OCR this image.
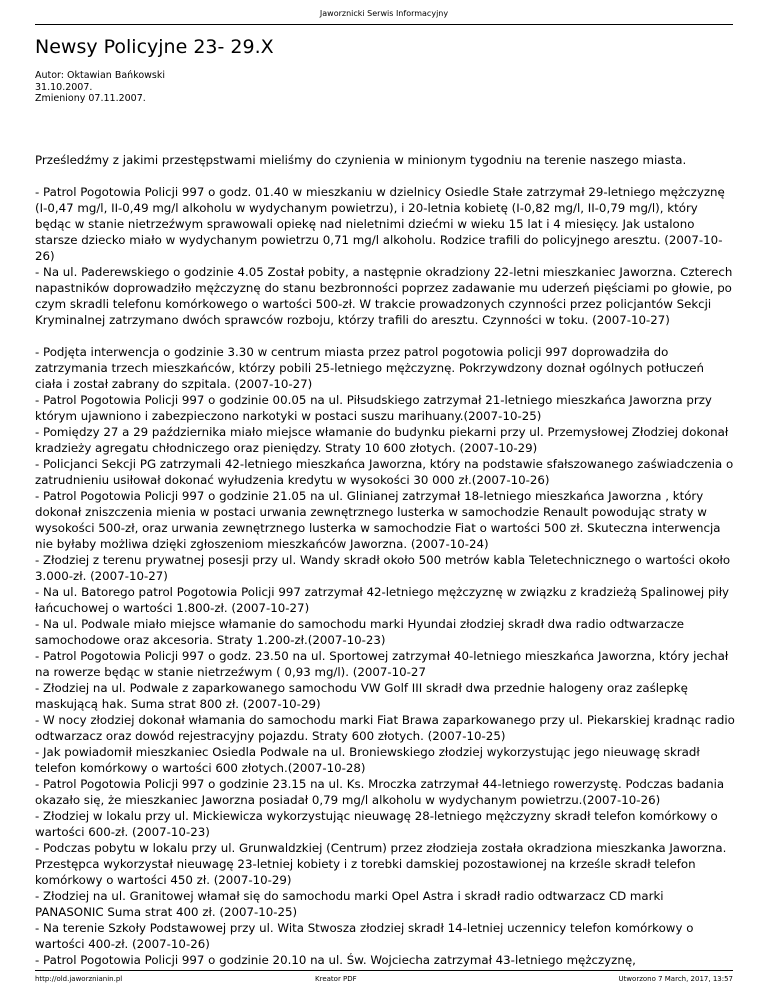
Jaworznicki Serwis Informacyjny
Newsy Policyjne 23- 29.X
Autor: Oktawian Bańkowski
31.10.2007.
Zmieniony 07.11.2007.

Prześledźmy z jakimi przestępstwami mieliśmy do czynienia w minionym tygodniu na terenie naszego miasta.

- Patrol Pogotowia Policji 997 o godz. 01.40 w mieszkaniu w dzielnicy Osiedle Stałe zatrzymał 29-letniego mężczyznę (I-0,47 mg/l, II-0,49 mg/l alkoholu w wydychanym powietrzu), i 20-letnia kobietę (I-0,82 mg/l, II-0,79 mg/l), który będąc w stanie nietrzeźwym sprawowali opiekę nad nieletnimi dziećmi w wieku 15 lat i 4 miesięcy. Jak ustalono starsze dziecko miało w wydychanym powietrzu 0,71 mg/l alkoholu. Rodzice trafili do policyjnego aresztu. (2007-10-26)

- Na ul. Paderewskiego o godzinie 4.05 Został pobity, a następnie okradziony 22-letni mieszkaniec Jaworzna. Czterech napastników doprowadziło mężczyznę do stanu bezbronności poprzez zadawanie mu uderzeń pięściami po głowie, po czym skradli telefonu komórkowego o wartości 500-zł. W trakcie prowadzonych czynności przez policjantów Sekcji Kryminalnej zatrzymano dwóch sprawców rozboju, którzy trafili do aresztu. Czynności w toku. (2007-10-27)

- Podjęta interwencja o godzinie 3.30 w centrum miasta przez patrol pogotowia policji 997 doprowadziła do zatrzymania trzech mieszkańców, którzy pobili 25-letniego mężczyznę. Pokrzywdzony doznał ogólnych potłuczeń ciała i został zabrany do szpitala. (2007-10-27)

- Patrol Pogotowia Policji 997 o godzinie 00.05 na ul. Piłsudskiego zatrzymał 21-letniego mieszkańca Jaworzna przy którym ujawniono i zabezpieczono narkotyki w postaci suszu marihuany.(2007-10-25)

- Pomiędzy 27 a 29 października miało miejsce włamanie do budynku piekarni przy ul. Przemysłowej Złodziej dokonał kradzieży agregatu chłodniczego oraz pieniędzy. Straty 10 600 złotych. (2007-10-29)

- Policjanci Sekcji PG zatrzymali 42-letniego mieszkańca Jaworzna, który na podstawie sfałszowanego zaświadczenia o zatrudnieniu usiłował dokonać wyłudzenia kredytu w wysokości 30 000 zł.(2007-10-26)

- Patrol Pogotowia Policji 997 o godzinie 21.05 na ul. Glinianej zatrzymał 18-letniego mieszkańca Jaworzna , który dokonał zniszczenia mienia w postaci urwania zewnętrznego lusterka w samochodzie Renault powodując straty w wysokości 500-zł, oraz urwania zewnętrznego lusterka w samochodzie Fiat o wartości 500 zł. Skuteczna interwencja nie byłaby możliwa dzięki zgłoszeniom mieszkańców Jaworzna. (2007-10-24)

- Złodziej z terenu prywatnej posesji przy ul. Wandy skradł około 500 metrów kabla Teletechnicznego o wartości około 3.000-zł. (2007-10-27)

- Na ul. Batorego patrol Pogotowia Policji 997 zatrzymał 42-letniego mężczyznę w związku z kradzieżą Spalinowej piły łańcuchowej o wartości 1.800-zł. (2007-10-27)

- Na ul. Podwale miało miejsce włamanie do samochodu marki Hyundai złodziej skradł dwa radio odtwarzacze samochodowe oraz akcesoria. Straty 1.200-zł.(2007-10-23)

- Patrol Pogotowia Policji 997 o godz. 23.50 na ul. Sportowej zatrzymał 40-letniego mieszkańca Jaworzna, który jechał na rowerze będąc w stanie nietrzeźwym ( 0,93 mg/l). (2007-10-27

- Złodziej na ul. Podwale z zaparkowanego samochodu VW Golf III skradł dwa przednie halogeny oraz zaślepkę maskującą hak. Suma strat 800 zł. (2007-10-29)

- W nocy złodziej dokonał włamania do samochodu marki Fiat Brawa zaparkowanego przy ul. Piekarskiej kradnąc radio odtwarzacz oraz dowód rejestracyjny pojazdu. Straty 600 złotych. (2007-10-25)

- Jak powiadomił mieszkaniec Osiedla Podwale na ul. Broniewskiego złodziej wykorzystując jego nieuwagę skradł telefon komórkowy o wartości 600 złotych.(2007-10-28)

- Patrol Pogotowia Policji 997 o godzinie 23.15 na ul. Ks. Mroczka zatrzymał 44-letniego rowerzystę. Podczas badania okazało się, że mieszkaniec Jaworzna posiadał 0,79 mg/l alkoholu w wydychanym powietrzu.(2007-10-26)

- Złodziej w lokalu przy ul. Mickiewicza wykorzystując nieuwagę 28-letniego mężczyzny skradł telefon komórkowy o wartości 600-zł. (2007-10-23)

- Podczas pobytu w lokalu przy ul. Grunwaldzkiej (Centrum) przez złodzieja została okradziona mieszkanka Jaworzna. Przestępca wykorzystał nieuwagę 23-letniej kobiety i z torebki damskiej pozostawionej na krześle skradł telefon komórkowy o wartości 450 zł. (2007-10-29)

- Złodziej na ul. Granitowej włamał się do samochodu marki Opel Astra i skradł radio odtwarzacz CD marki PANASONIC Suma strat 400 zł. (2007-10-25)

- Na terenie Szkoły Podstawowej przy ul. Wita Stwosza złodziej skradł 14-letniej uczennicy telefon komórkowy o wartości 400-zł. (2007-10-26)

- Patrol Pogotowia Policji 997 o godzinie 20.10 na ul. Św. Wojciecha zatrzymał 43-letniego mężczyznę,

http://old.jaworznianin.pl	Kreator PDF	Utworzono 7 March, 2017, 13:57
